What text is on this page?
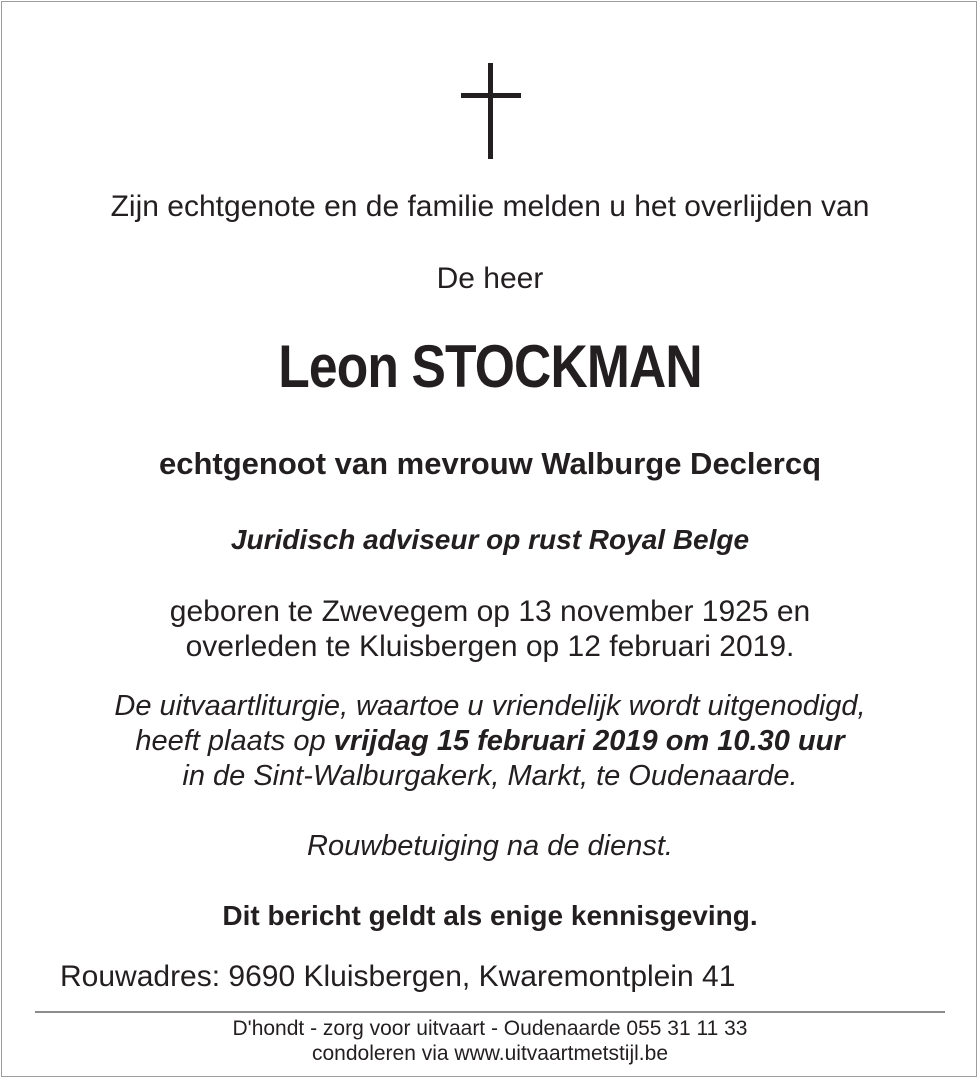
Zijn echtgenote en de familie melden u het overlijden van

De heer

Leon STOCKMAN

echtgenoot van mevrouw Walburge Declercq

Juridisch adviseur op rust Royal Belge

geboren te Zwevegem op 13 november 1925 en

overleden te Kluisbergen op 12 februari 2019.

De uitvaartliturgie, waartoe u vriendelijk wordt uitgenodigd,

heeft plaats op vrijdag 15 februari 2019 om 10.30 uur

in de Sint-Walburgakerk, Markt, te Oudenaarde.

Rouwbetuiging na de dienst.

Dit bericht geldt als enige kennisgeving.

Rouwadres: 9690 Kluisbergen, Kwaremontplein 41

D'hondt - zorg voor uitvaart - Oudenaarde 055 31 11 33

condoleren via www.uitvaartmetstijl.be
